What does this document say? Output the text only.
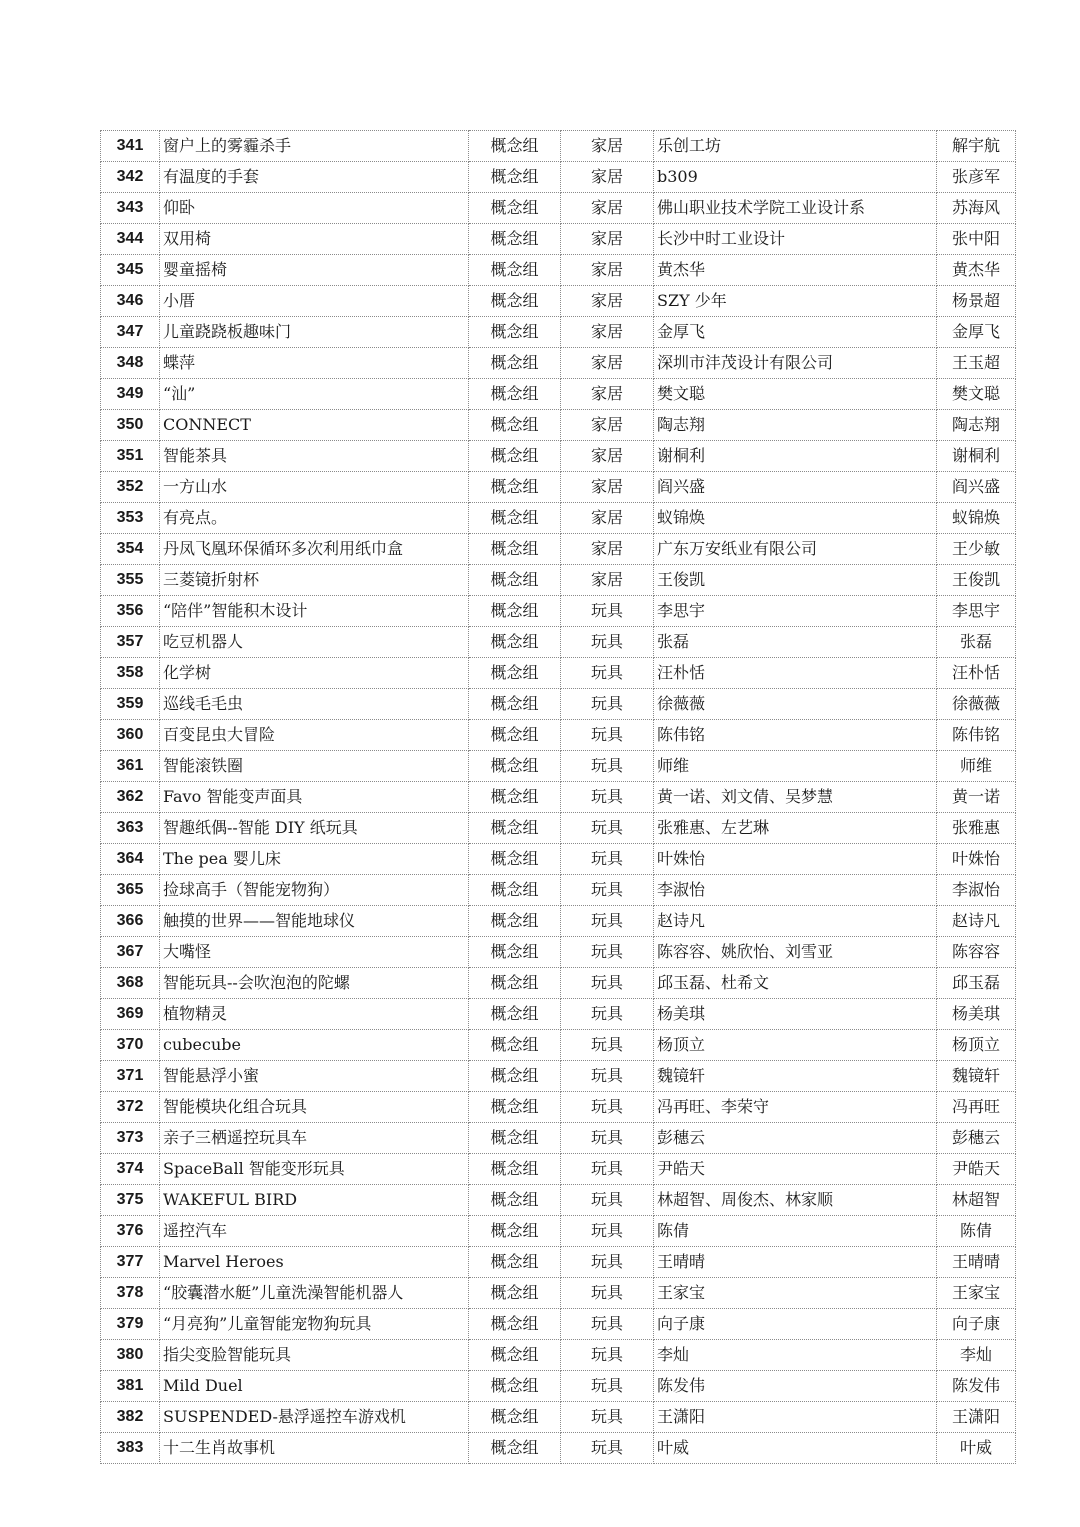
341	窗户上的雾霾杀手	概念组	家居	乐创工坊	解宇航
342	有温度的手套	概念组	家居	b309	张彦军
343	仰卧	概念组	家居	佛山职业技术学院工业设计系	苏海风
344	双用椅	概念组	家居	长沙中时工业设计	张中阳
345	婴童摇椅	概念组	家居	黄杰华	黄杰华
346	小厝	概念组	家居	SZY 少年	杨景超
347	儿童跷跷板趣味门	概念组	家居	金厚飞	金厚飞
348	蝶萍	概念组	家居	深圳市沣茂设计有限公司	王玉超
349	“汕”	概念组	家居	樊文聪	樊文聪
350	CONNECT	概念组	家居	陶志翔	陶志翔
351	智能茶具	概念组	家居	谢桐利	谢桐利
352	一方山水	概念组	家居	阎兴盛	阎兴盛
353	有亮点。	概念组	家居	蚁锦焕	蚁锦焕
354	丹凤飞凰环保循环多次利用纸巾盒	概念组	家居	广东万安纸业有限公司	王少敏
355	三菱镜折射杯	概念组	家居	王俊凯	王俊凯
356	“陪伴”智能积木设计	概念组	玩具	李思宇	李思宇
357	吃豆机器人	概念组	玩具	张磊	张磊
358	化学树	概念组	玩具	汪朴恬	汪朴恬
359	巡线毛毛虫	概念组	玩具	徐薇薇	徐薇薇
360	百变昆虫大冒险	概念组	玩具	陈伟铭	陈伟铭
361	智能滚铁圈	概念组	玩具	师维	师维
362	Favo 智能变声面具	概念组	玩具	黄一诺、刘文倩、吴梦慧	黄一诺
363	智趣纸偶--智能 DIY 纸玩具	概念组	玩具	张雅惠、左艺琳	张雅惠
364	The pea 婴儿床	概念组	玩具	叶姝怡	叶姝怡
365	捡球高手（智能宠物狗）	概念组	玩具	李淑怡	李淑怡
366	触摸的世界——智能地球仪	概念组	玩具	赵诗凡	赵诗凡
367	大嘴怪	概念组	玩具	陈容容、姚欣怡、刘雪亚	陈容容
368	智能玩具--会吹泡泡的陀螺	概念组	玩具	邱玉磊、杜希文	邱玉磊
369	植物精灵	概念组	玩具	杨美琪	杨美琪
370	cubecube	概念组	玩具	杨顶立	杨顶立
371	智能悬浮小蜜	概念组	玩具	魏镜轩	魏镜轩
372	智能模块化组合玩具	概念组	玩具	冯再旺、李荣守	冯再旺
373	亲子三栖遥控玩具车	概念组	玩具	彭穗云	彭穗云
374	SpaceBall 智能变形玩具	概念组	玩具	尹皓天	尹皓天
375	WAKEFUL BIRD	概念组	玩具	林超智、周俊杰、林家顺	林超智
376	遥控汽车	概念组	玩具	陈倩	陈倩
377	Marvel Heroes	概念组	玩具	王晴晴	王晴晴
378	“胶囊潜水艇”儿童洗澡智能机器人	概念组	玩具	王家宝	王家宝
379	“月亮狗”儿童智能宠物狗玩具	概念组	玩具	向子康	向子康
380	指尖变脸智能玩具	概念组	玩具	李灿	李灿
381	Mild Duel	概念组	玩具	陈发伟	陈发伟
382	SUSPENDED-悬浮遥控车游戏机	概念组	玩具	王潇阳	王潇阳
383	十二生肖故事机	概念组	玩具	叶威	叶威
